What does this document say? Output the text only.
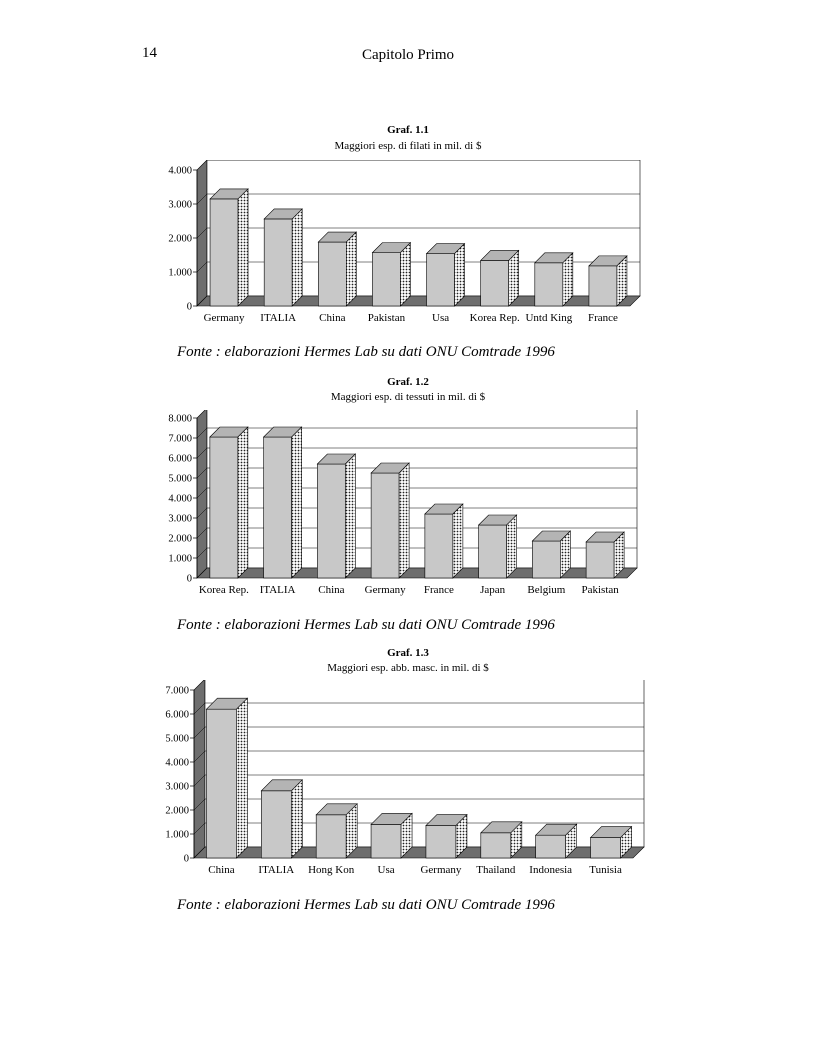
14	Capitolo Primo
Graf. 1.1
Maggiori esp. di filati in mil. di $
0
1.000
2.000
3.000
4.000
Germany ITALIA China Pakistan Usa Korea Rep. Untd King France
Fonte : elaborazioni Hermes Lab su dati ONU Comtrade 1996
Graf. 1.2
Maggiori esp. di tessuti in mil. di $
0
1.000
2.000
3.000
4.000
5.000
6.000
7.000
8.000
Korea Rep. ITALIA China Germany France Japan Belgium Pakistan
Fonte : elaborazioni Hermes Lab su dati ONU Comtrade 1996
Graf. 1.3
Maggiori esp. abb. masc. in mil. di $
0
1.000
2.000
3.000
4.000
5.000
6.000
7.000
China ITALIA Hong Kon Usa Germany Thailand Indonesia Tunisia
Fonte : elaborazioni Hermes Lab su dati ONU Comtrade 1996
